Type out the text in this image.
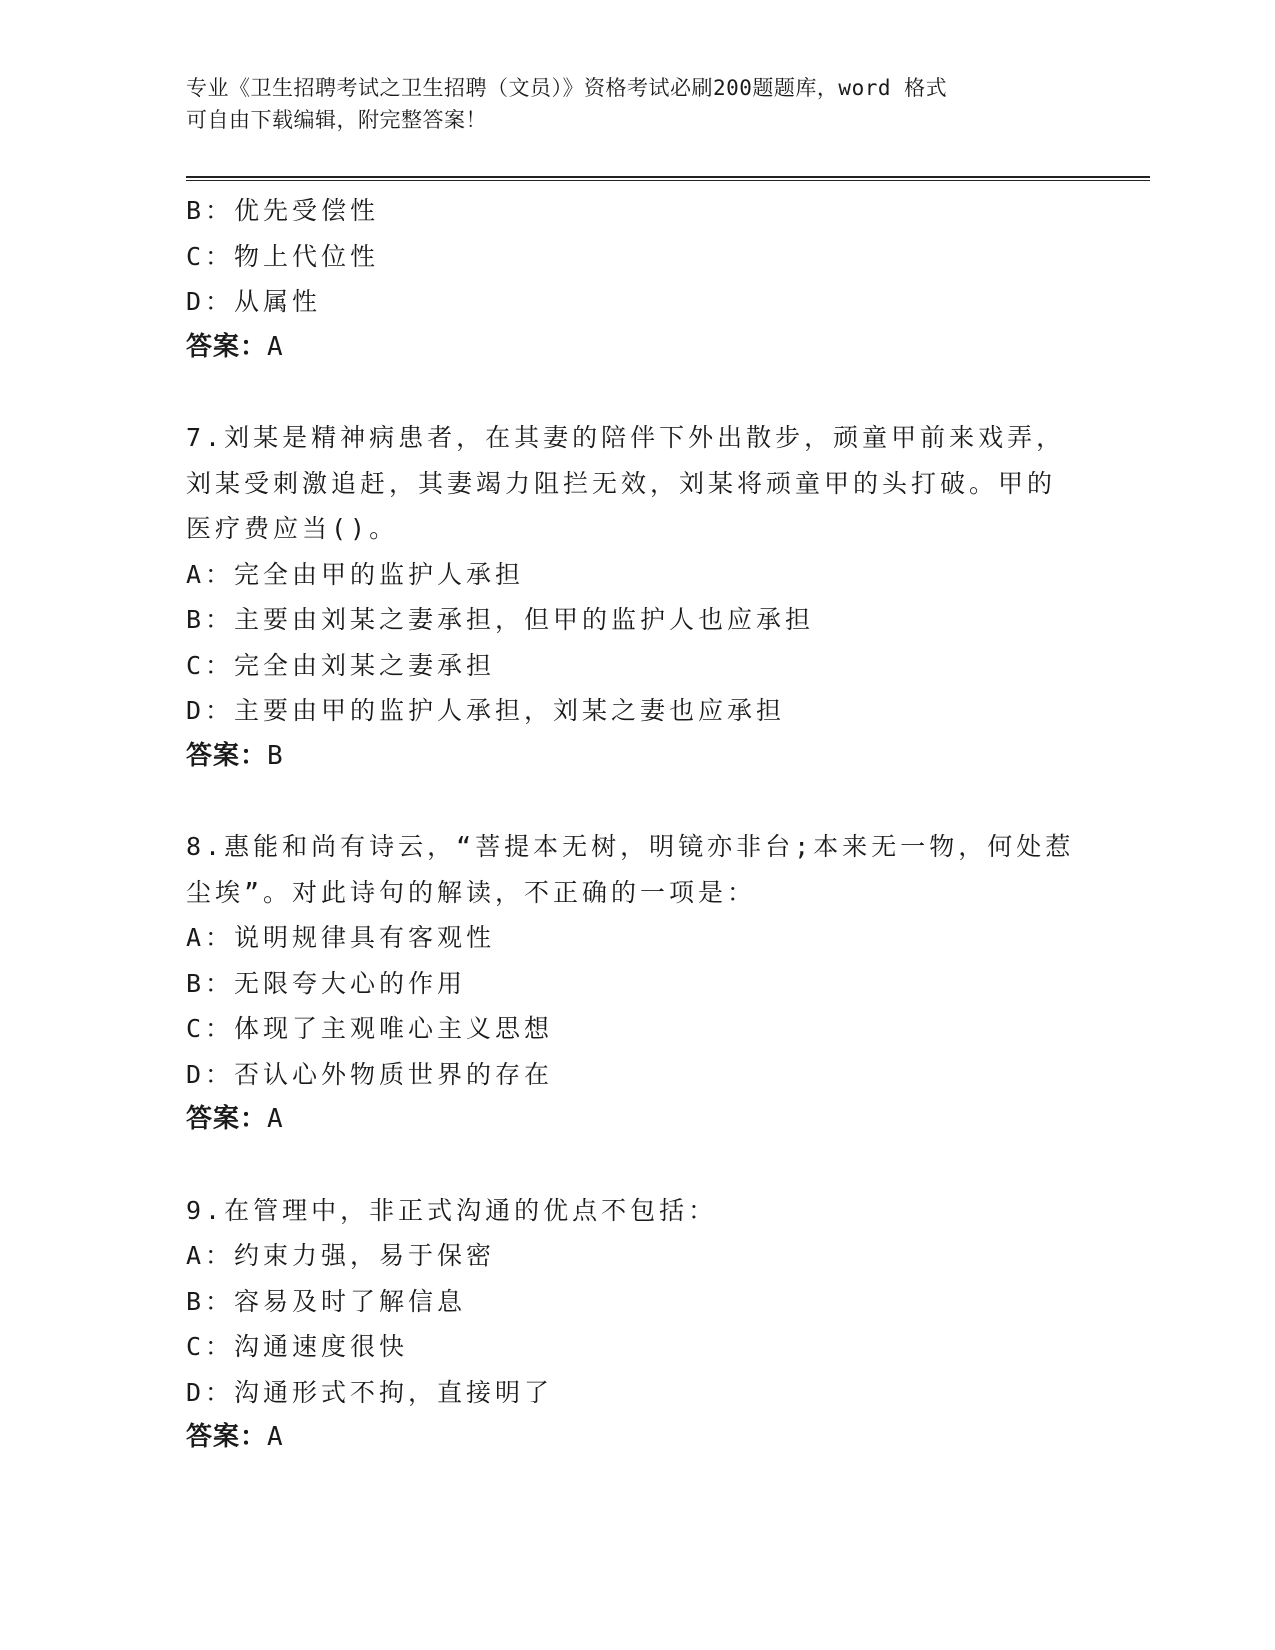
专业《卫生招聘考试之卫生招聘（文员）》资格考试必刷200题题库，word 格式
可自由下载编辑，附完整答案！
B：优先受偿性
C：物上代位性
D：从属性
答案：A
7.刘某是精神病患者，在其妻的陪伴下外出散步，顽童甲前来戏弄，
刘某受刺激追赶，其妻竭力阻拦无效，刘某将顽童甲的头打破。甲的
医疗费应当()。
A：完全由甲的监护人承担
B：主要由刘某之妻承担，但甲的监护人也应承担
C：完全由刘某之妻承担
D：主要由甲的监护人承担，刘某之妻也应承担
答案：B
8.惠能和尚有诗云，“菩提本无树，明镜亦非台;本来无一物，何处惹
尘埃”。对此诗句的解读，不正确的一项是：
A：说明规律具有客观性
B：无限夸大心的作用
C：体现了主观唯心主义思想
D：否认心外物质世界的存在
答案：A
9.在管理中，非正式沟通的优点不包括：
A：约束力强，易于保密
B：容易及时了解信息
C：沟通速度很快
D：沟通形式不拘，直接明了
答案：A
